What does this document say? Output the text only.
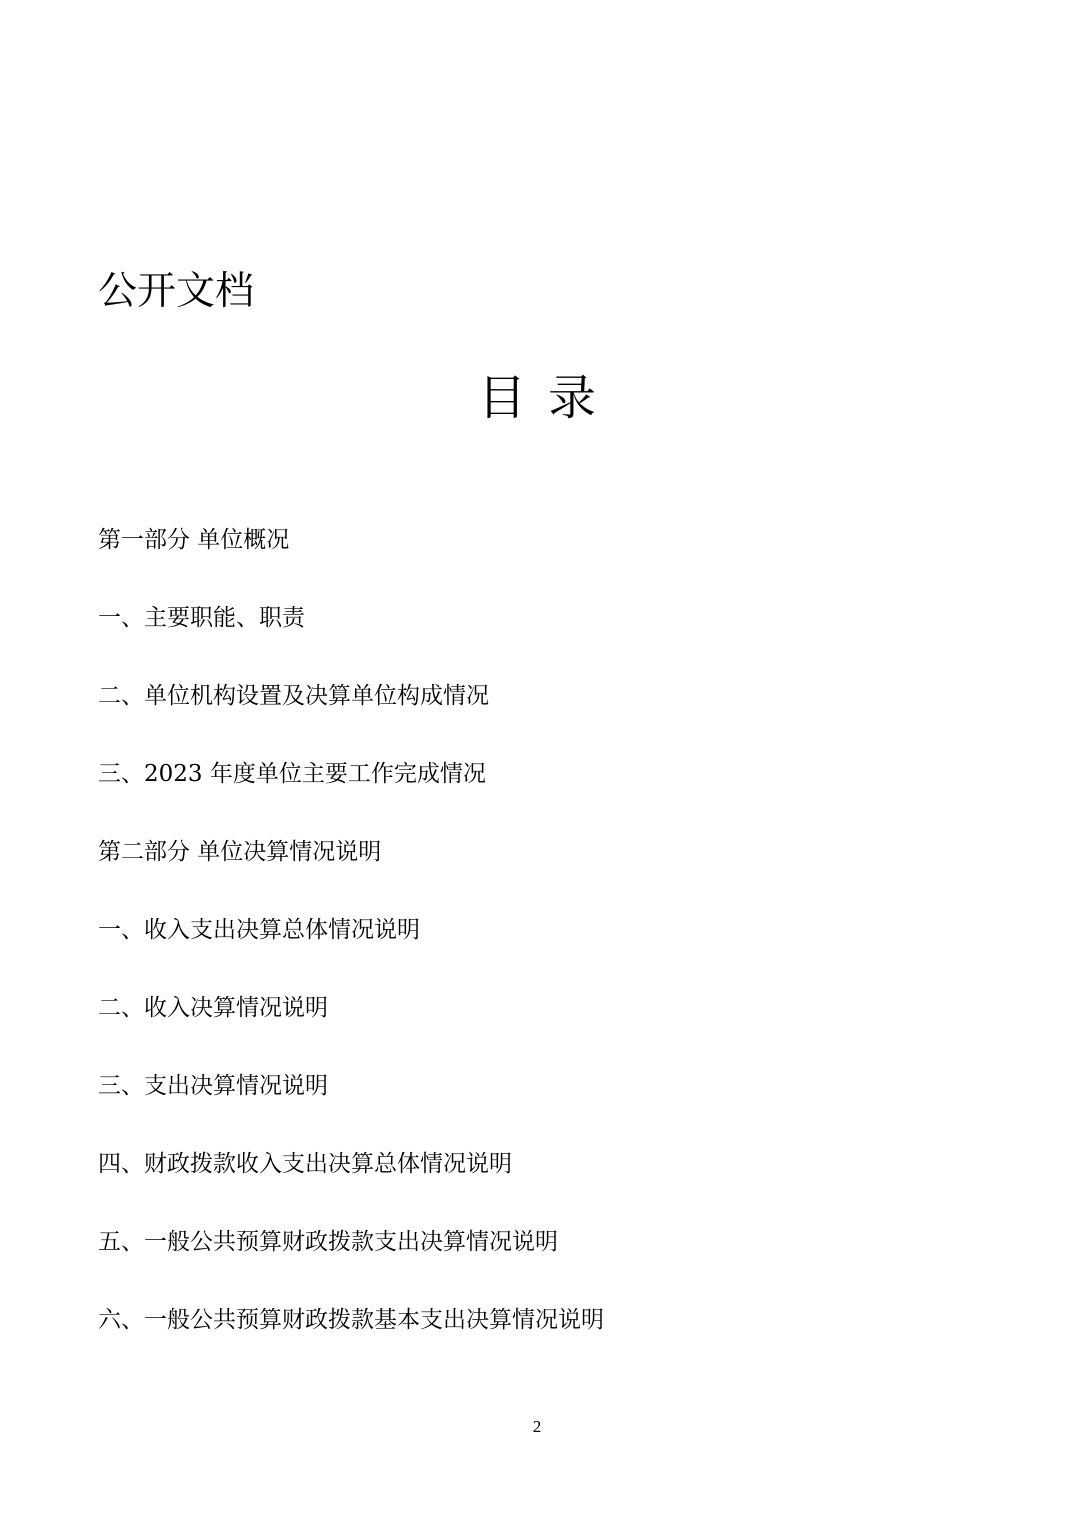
公开文档
目录
第一部分 单位概况
一、主要职能、职责
二、单位机构设置及决算单位构成情况
三、2023 年度单位主要工作完成情况
第二部分 单位决算情况说明
一、收入支出决算总体情况说明
二、收入决算情况说明
三、支出决算情况说明
四、财政拨款收入支出决算总体情况说明
五、一般公共预算财政拨款支出决算情况说明
六、一般公共预算财政拨款基本支出决算情况说明
2
